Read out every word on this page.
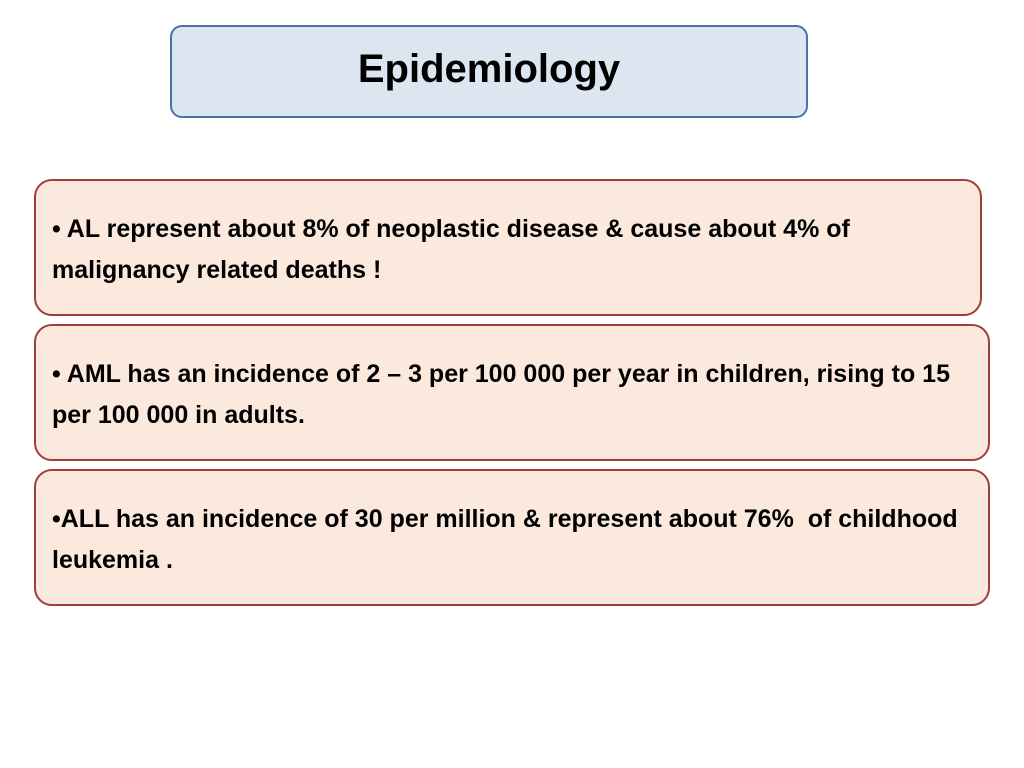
Epidemiology

• AL represent about 8% of neoplastic disease & cause about 4% of malignancy related deaths !

• AML has an incidence of 2 – 3 per 100 000 per year in children, rising to 15 per 100 000 in adults.

•ALL has an incidence of 30 per million & represent about 76%  of childhood leukemia .
